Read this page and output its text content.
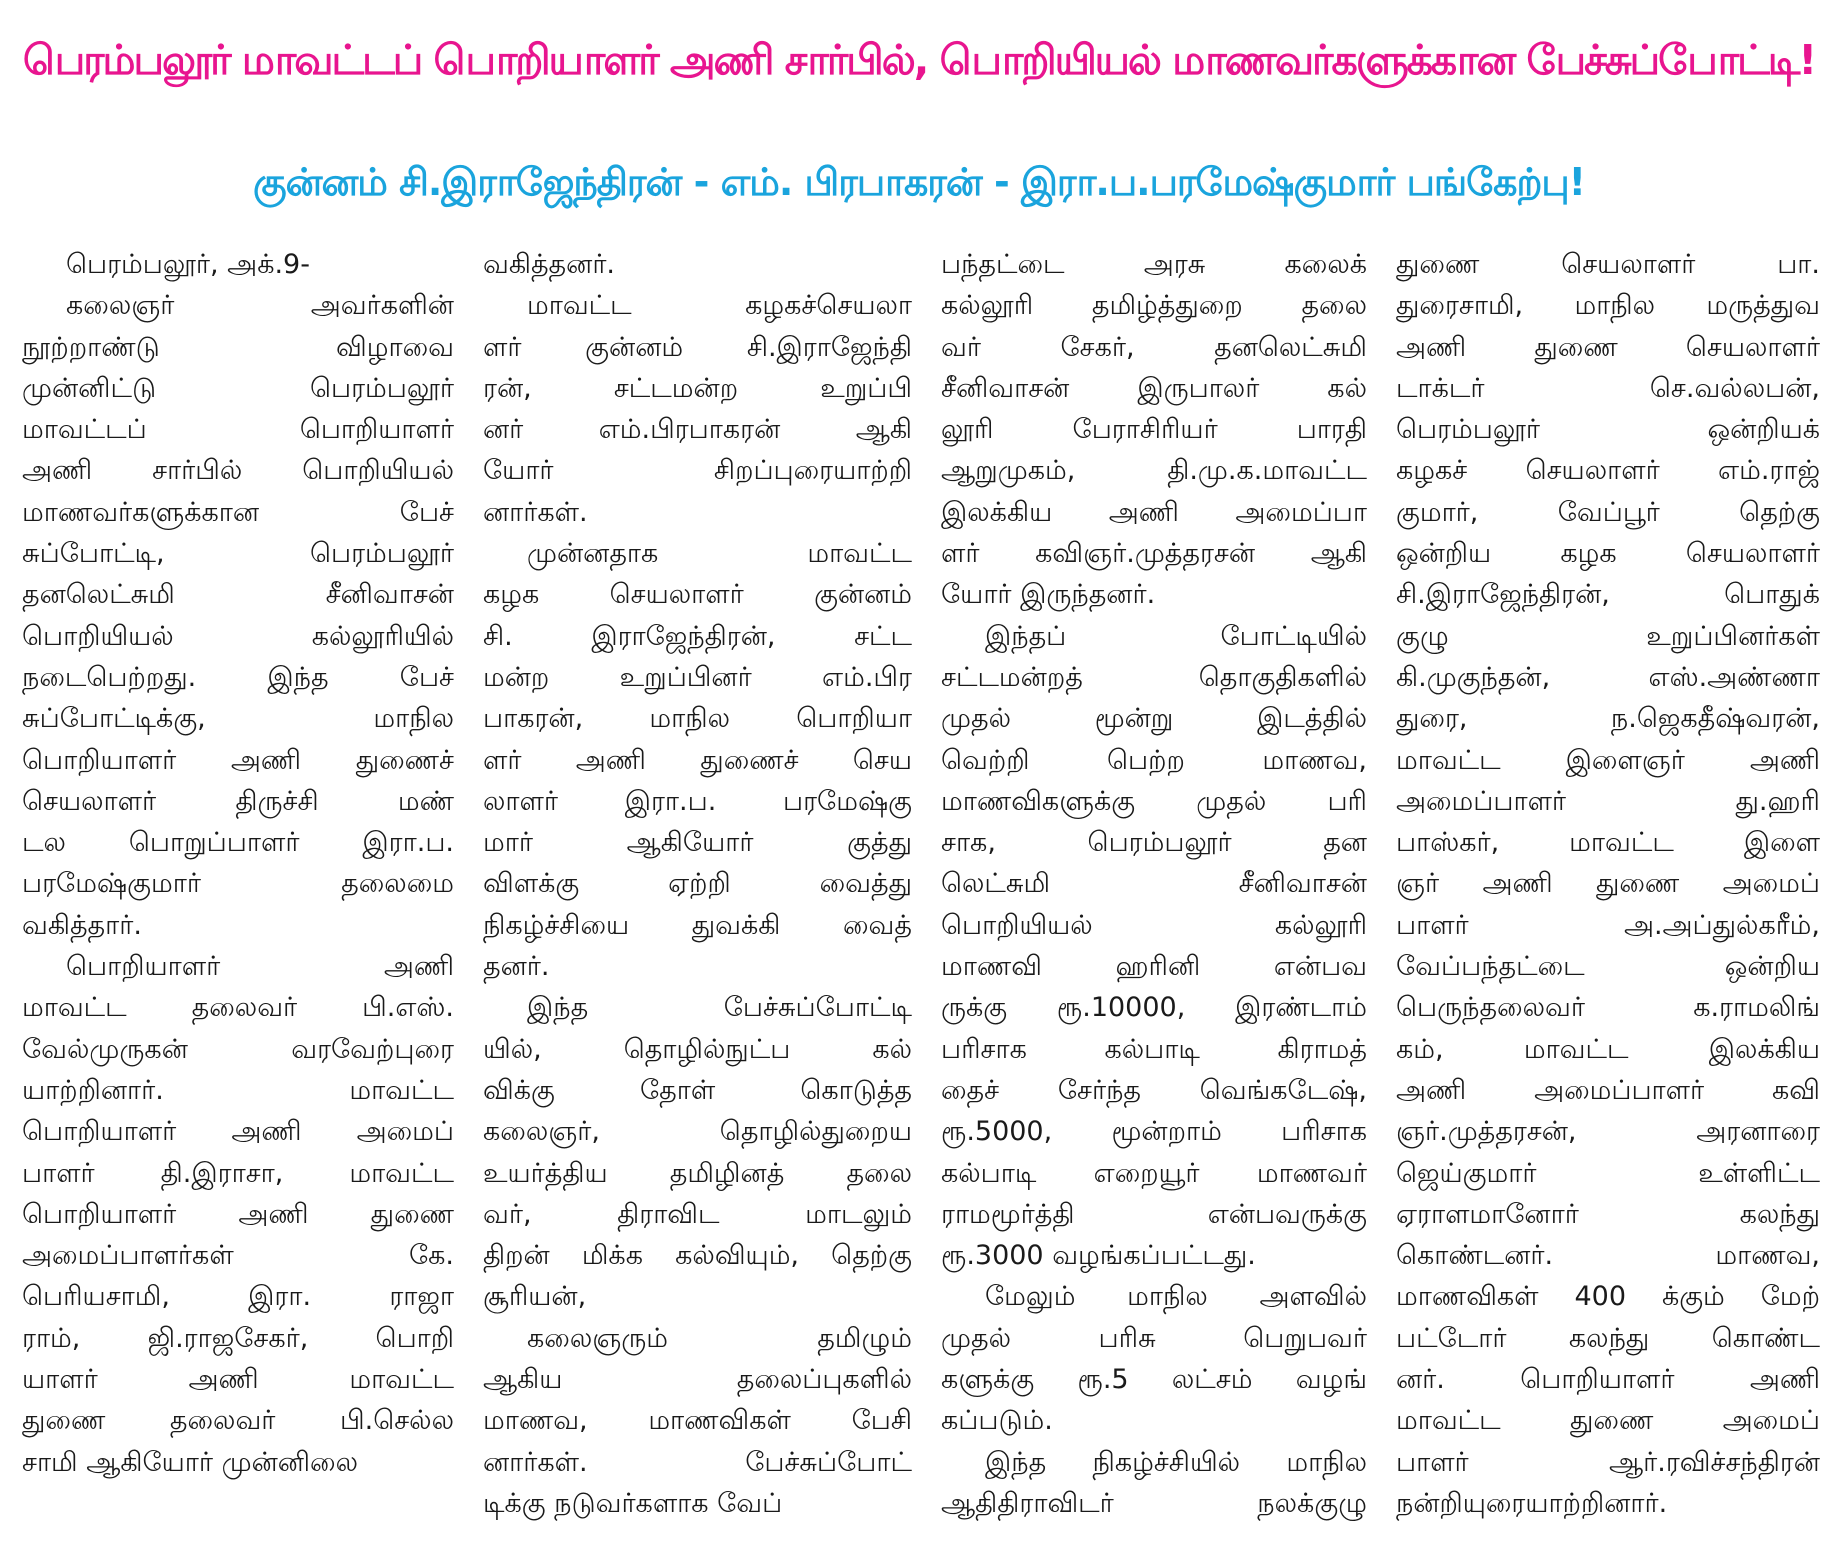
பெரம்பலூர் மாவட்டப் பொறியாளர் அணி சார்பில், பொறியியல் மாணவர்களுக்கான பேச்சுப்போட்டி!
குன்னம் சி.இராஜேந்திரன் - எம். பிரபாகரன் - இரா.ப.பரமேஷ்குமார் பங்கேற்பு!
பெரம்பலூர், அக்.9-
கலைஞர் அவர்களின்
நூற்றாண்டு விழாவை
முன்னிட்டு பெரம்பலூர்
மாவட்டப் பொறியாளர்
அணி சார்பில் பொறியியல்
மாணவர்களுக்கான பேச்
சுப்போட்டி, பெரம்பலூர்
தனலெட்சுமி சீனிவாசன்
பொறியியல் கல்லூரியில்
நடைபெற்றது. இந்த பேச்
சுப்போட்டிக்கு, மாநில
பொறியாளர் அணி துணைச்
செயலாளர் திருச்சி மண்
டல பொறுப்பாளர் இரா.ப.
பரமேஷ்குமார் தலைமை
வகித்தார்.
பொறியாளர் அணி
மாவட்ட தலைவர் பி.எஸ்.
வேல்முருகன் வரவேற்புரை
யாற்றினார். மாவட்ட
பொறியாளர் அணி அமைப்
பாளர் தி.இராசா, மாவட்ட
பொறியாளர் அணி துணை
அமைப்பாளர்கள் கே.
பெரியசாமி, இரா. ராஜா
ராம், ஜி.ராஜசேகர், பொறி
யாளர் அணி மாவட்ட
துணை தலைவர் பி.செல்ல
சாமி ஆகியோர் முன்னிலை
வகித்தனர்.
மாவட்ட கழகச்செயலா
ளர் குன்னம் சி.இராஜேந்தி
ரன், சட்டமன்ற உறுப்பி
னர் எம்.பிரபாகரன் ஆகி
யோர் சிறப்புரையாற்றி
னார்கள்.
முன்னதாக மாவட்ட
கழக செயலாளர் குன்னம்
சி. இராஜேந்திரன், சட்ட
மன்ற உறுப்பினர் எம்.பிர
பாகரன், மாநில பொறியா
ளர் அணி துணைச் செய
லாளர் இரா.ப. பரமேஷ்கு
மார் ஆகியோர் குத்து
விளக்கு ஏற்றி வைத்து
நிகழ்ச்சியை துவக்கி வைத்
தனர்.
இந்த பேச்சுப்போட்டி
யில், தொழில்நுட்ப கல்
விக்கு தோள் கொடுத்த
கலைஞர், தொழில்துறைய
உயர்த்திய தமிழினத் தலை
வர், திராவிட மாடலும்
திறன் மிக்க கல்வியும், தெற்கு
சூரியன்,
கலைஞரும் தமிழும்
ஆகிய தலைப்புகளில்
மாணவ, மாணவிகள் பேசி
னார்கள். பேச்சுப்போட்
டிக்கு நடுவர்களாக வேப்
பந்தட்டை அரசு கலைக்
கல்லூரி தமிழ்த்துறை தலை
வர் சேகர், தனலெட்சுமி
சீனிவாசன் இருபாலர் கல்
லூரி பேராசிரியர் பாரதி
ஆறுமுகம், தி.மு.க.மாவட்ட
இலக்கிய அணி அமைப்பா
ளர் கவிஞர்.முத்தரசன் ஆகி
யோர் இருந்தனர்.
இந்தப் போட்டியில்
சட்டமன்றத் தொகுதிகளில்
முதல் மூன்று இடத்தில்
வெற்றி பெற்ற மாணவ,
மாணவிகளுக்கு முதல் பரி
சாக, பெரம்பலூர் தன
லெட்சுமி சீனிவாசன்
பொறியியல் கல்லூரி
மாணவி ஹரினி என்பவ
ருக்கு ரூ.10000, இரண்டாம்
பரிசாக கல்பாடி கிராமத்
தைச் சேர்ந்த வெங்கடேஷ்,
ரூ.5000, மூன்றாம் பரிசாக
கல்பாடி எறையூர் மாணவர்
ராமமூர்த்தி என்பவருக்கு
ரூ.3000 வழங்கப்பட்டது.
மேலும் மாநில அளவில்
முதல் பரிசு பெறுபவர்
களுக்கு ரூ.5 லட்சம் வழங்
கப்படும்.
இந்த நிகழ்ச்சியில் மாநில
ஆதிதிராவிடர் நலக்குழு
துணை செயலாளர் பா.
துரைசாமி, மாநில மருத்துவ
அணி துணை செயலாளர்
டாக்டர் செ.வல்லபன்,
பெரம்பலூர் ஒன்றியக்
கழகச் செயலாளர் எம்.ராஜ்
குமார், வேப்பூர் தெற்கு
ஒன்றிய கழக செயலாளர்
சி.இராஜேந்திரன், பொதுக்
குழு உறுப்பினர்கள்
கி.முகுந்தன், எஸ்.அண்ணா
துரை, ந.ஜெகதீஷ்வரன்,
மாவட்ட இளைஞர் அணி
அமைப்பாளர் து.ஹரி
பாஸ்கர், மாவட்ட இளை
ஞர் அணி துணை அமைப்
பாளர் அ.அப்துல்கரீம்,
வேப்பந்தட்டை ஒன்றிய
பெருந்தலைவர் க.ராமலிங்
கம், மாவட்ட இலக்கிய
அணி அமைப்பாளர் கவி
ஞர்.முத்தரசன், அரனாரை
ஜெய்குமார் உள்ளிட்ட
ஏராளமானோர் கலந்து
கொண்டனர். மாணவ,
மாணவிகள் 400 க்கும் மேற்
பட்டோர் கலந்து கொண்ட
னர். பொறியாளர் அணி
மாவட்ட துணை அமைப்
பாளர் ஆர்.ரவிச்சந்திரன்
நன்றியுரையாற்றினார்.
